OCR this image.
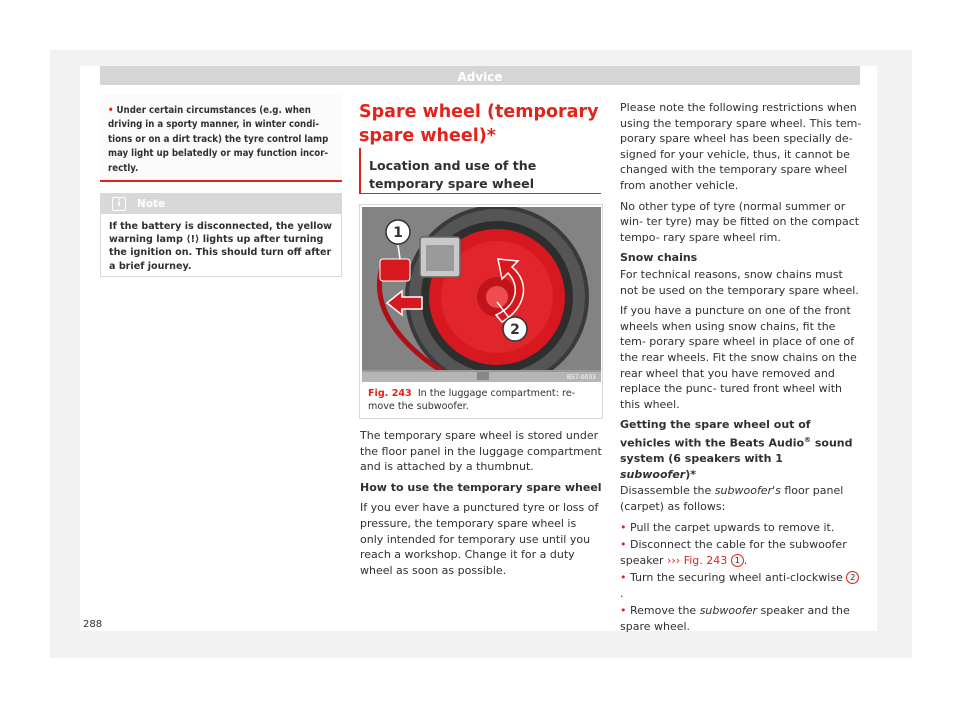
Advice
• Under certain circumstances (e.g. when driving in a sporty manner, in winter condi- tions or on a dirt track) the tyre control lamp may light up belatedly or may function incor- rectly.
i	Note
If the battery is disconnected, the yellow warning lamp ⟨!⟩ lights up after turning the ignition on. This should turn off after a brief journey.
Spare wheel (temporary spare wheel)*
Location and use of the temporary spare wheel
1
2
B57-0033
Fig. 243 In the luggage compartment: re- move the subwoofer.

The temporary spare wheel is stored under the floor panel in the luggage compartment and is attached by a thumbnut.

How to use the temporary spare wheel

If you ever have a punctured tyre or loss of pressure, the temporary spare wheel is only intended for temporary use until you reach a workshop. Change it for a duty wheel as soon as possible.

Please note the following restrictions when using the temporary spare wheel. This tem- porary spare wheel has been specially de- signed for your vehicle, thus, it cannot be changed with the temporary spare wheel from another vehicle.

No other type of tyre (normal summer or win- ter tyre) may be fitted on the compact tempo- rary spare wheel rim.

Snow chains

For technical reasons, snow chains must not be used on the temporary spare wheel.

If you have a puncture on one of the front wheels when using snow chains, fit the tem- porary spare wheel in place of one of the rear wheels. Fit the snow chains on the rear wheel that you have removed and replace the punc- tured front wheel with this wheel.

Getting the spare wheel out of vehicles with the Beats Audio® sound system (6 speakers with 1 subwoofer)*

Disassemble the subwoofer's floor panel (carpet) as follows:

• Pull the carpet upwards to remove it.

• Disconnect the cable for the subwoofer speaker ››› Fig. 243 1 .

• Turn the securing wheel anti-clockwise 2.

• Remove the subwoofer speaker and the spare wheel.

288
